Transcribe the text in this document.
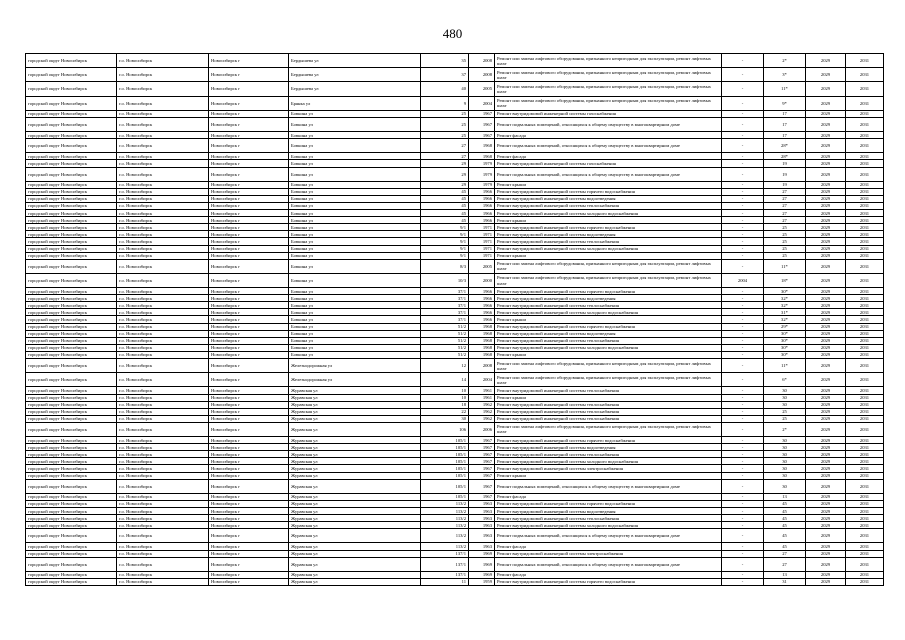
480
городской округ Новосибирск	г.о. Новосибирск	Новосибирск г	Бердышева ул	35	2008	Ремонт или замена лифтового оборудования, признанного непригодным для эксплуатации, ремонт лифтовых шахт	-	2*	2029	2031
городской округ Новосибирск	г.о. Новосибирск	Новосибирск г	Бердышева ул	37	2008	Ремонт или замена лифтового оборудования, признанного непригодным для эксплуатации, ремонт лифтовых шахт	-	3*	2029	2031
городской округ Новосибирск	г.о. Новосибирск	Новосибирск г	Бердышева ул	40	2005	Ремонт или замена лифтового оборудования, признанного непригодным для эксплуатации, ремонт лифтовых шахт	-	11*	2029	2031
городской округ Новосибирск	г.о. Новосибирск	Новосибирск г	Брянка ул	9	2004	Ремонт или замена лифтового оборудования, признанного непригодным для эксплуатации, ремонт лифтовых шахт	-	9*	2029	2031
городской округ Новосибирск	г.о. Новосибирск	Новосибирск г	Бовкина ул	25	1967	Ремонт внутридомовой инженерной системы газоснабжения	-	17	2029	2031
городской округ Новосибирск	г.о. Новосибирск	Новосибирск г	Бовкина ул	25	1967	Ремонт подвальных помещений, относящихся к общему имуществу в многоквартирном доме	-	17	2029	2031
городской округ Новосибирск	г.о. Новосибирск	Новосибирск г	Бовкина ул	25	1967	Ремонт фасада	-	17	2029	2031
городской округ Новосибирск	г.о. Новосибирск	Новосибирск г	Бовкина ул	27	1968	Ремонт подвальных помещений, относящихся к общему имуществу в многоквартирном доме	-	28*	2029	2031
городской округ Новосибирск	г.о. Новосибирск	Новосибирск г	Бовкина ул	27	1968	Ремонт фасада	-	28*	2029	2031
городской округ Новосибирск	г.о. Новосибирск	Новосибирск г	Бовкина ул	29	1979	Ремонт внутридомовой инженерной системы газоснабжения	-	19	2029	2031
городской округ Новосибирск	г.о. Новосибирск	Новосибирск г	Бовкина ул	29	1979	Ремонт подвальных помещений, относящихся к общему имуществу в многоквартирном доме	-	19	2029	2031
городской округ Новосибирск	г.о. Новосибирск	Новосибирск г	Бовкина ул	29	1979	Ремонт крыши	-	19	2029	2031
городской округ Новосибирск	г.о. Новосибирск	Новосибирск г	Бовкина ул	45	1966	Ремонт внутридомовой инженерной системы горячего водоснабжения	-	27	2029	2031
городской округ Новосибирск	г.о. Новосибирск	Новосибирск г	Бовкина ул	45	1966	Ремонт внутридомовой инженерной системы водоотведения	-	27	2029	2031
городской округ Новосибирск	г.о. Новосибирск	Новосибирск г	Бовкина ул	45	1966	Ремонт внутридомовой инженерной системы теплоснабжения	-	27	2029	2031
городской округ Новосибирск	г.о. Новосибирск	Новосибирск г	Бовкина ул	45	1966	Ремонт внутридомовой инженерной системы холодного водоснабжения	-	27	2029	2031
городской округ Новосибирск	г.о. Новосибирск	Новосибирск г	Бовкина ул	45	1966	Ремонт крыши	-	27	2029	2031
городской округ Новосибирск	г.о. Новосибирск	Новосибирск г	Бовкина ул	9/1	1971	Ремонт внутридомовой инженерной системы горячего водоснабжения	-	25	2029	2031
городской округ Новосибирск	г.о. Новосибирск	Новосибирск г	Бовкина ул	9/1	1971	Ремонт внутридомовой инженерной системы водоотведения	-	25	2029	2031
городской округ Новосибирск	г.о. Новосибирск	Новосибирск г	Бовкина ул	9/1	1971	Ремонт внутридомовой инженерной системы теплоснабжения	-	25	2029	2031
городской округ Новосибирск	г.о. Новосибирск	Новосибирск г	Бовкина ул	9/1	1971	Ремонт внутридомовой инженерной системы холодного водоснабжения	-	25	2029	2031
городской округ Новосибирск	г.о. Новосибирск	Новосибирск г	Бовкина ул	9/1	1971	Ремонт крыши	-	25	2029	2031
городской округ Новосибирск	г.о. Новосибирск	Новосибирск г	Бовкина ул	8/3	2005	Ремонт или замена лифтового оборудования, признанного непригодным для эксплуатации, ремонт лифтовых шахт	-	11*	2029	2031
городской округ Новосибирск	г.о. Новосибирск	Новосибирск г	Бовкина ул	10/3	2000	Ремонт или замена лифтового оборудования, признанного непригодным для эксплуатации, ремонт лифтовых шахт	2004	18*	2029	2031
городской округ Новосибирск	г.о. Новосибирск	Новосибирск г	Бовкина ул	37/1	1966	Ремонт внутридомовой инженерной системы горячего водоснабжения	-	30*	2029	2031
городской округ Новосибирск	г.о. Новосибирск	Новосибирск г	Бовкина ул	37/1	1966	Ремонт внутридомовой инженерной системы водоотведения	-	32*	2029	2031
городской округ Новосибирск	г.о. Новосибирск	Новосибирск г	Бовкина ул	37/1	1966	Ремонт внутридомовой инженерной системы теплоснабжения	-	32*	2029	2031
городской округ Новосибирск	г.о. Новосибирск	Новосибирск г	Бовкина ул	37/1	1966	Ремонт внутридомовой инженерной системы холодного водоснабжения	-	31*	2029	2031
городской округ Новосибирск	г.о. Новосибирск	Новосибирск г	Бовкина ул	37/1	1966	Ремонт крыши	-	32*	2029	2031
городской округ Новосибирск	г.о. Новосибирск	Новосибирск г	Бовкина ул	51/2	1968	Ремонт внутридомовой инженерной системы горячего водоснабжения	-	29*	2029	2031
городской округ Новосибирск	г.о. Новосибирск	Новосибирск г	Бовкина ул	51/2	1968	Ремонт внутридомовой инженерной системы водоотведения	-	30*	2029	2031
городской округ Новосибирск	г.о. Новосибирск	Новосибирск г	Бовкина ул	51/2	1968	Ремонт внутридомовой инженерной системы теплоснабжения	-	30*	2029	2031
городской округ Новосибирск	г.о. Новосибирск	Новосибирск г	Бовкина ул	51/2	1968	Ремонт внутридомовой инженерной системы холодного водоснабжения	-	30*	2029	2031
городской округ Новосибирск	г.о. Новосибирск	Новосибирск г	Бовкина ул	51/2	1968	Ремонт крыши	-	30*	2029	2031
городской округ Новосибирск	г.о. Новосибирск	Новосибирск г	Железнодорожная ул	12	2008	Ремонт или замена лифтового оборудования, признанного непригодным для эксплуатации, ремонт лифтовых шахт	-	11*	2029	2031
городской округ Новосибирск	г.о. Новосибирск	Новосибирск г	Железнодорожная ул	14	2004	Ремонт или замена лифтового оборудования, признанного непригодным для эксплуатации, ремонт лифтовых шахт	-	6*	2029	2031
городской округ Новосибирск	г.о. Новосибирск	Новосибирск г	Журавская ул	10	1961	Ремонт внутридомовой инженерной системы теплоснабжения	-	30	2029	2031
городской округ Новосибирск	г.о. Новосибирск	Новосибирск г	Журавская ул	10	1961	Ремонт крыши	-	30	2029	2031
городской округ Новосибирск	г.о. Новосибирск	Новосибирск г	Журавская ул	18	1962	Ремонт внутридомовой инженерной системы теплоснабжения	-	30	2029	2031
городской округ Новосибирск	г.о. Новосибирск	Новосибирск г	Журавская ул	22	1962	Ремонт внутридомовой инженерной системы теплоснабжения	-	25	2029	2031
городской округ Новосибирск	г.о. Новосибирск	Новосибирск г	Журавская ул	30	1962	Ремонт внутридомовой инженерной системы теплоснабжения	-	25	2029	2031
городской округ Новосибирск	г.о. Новосибирск	Новосибирск г	Журавская ул	106	2006	Ремонт или замена лифтового оборудования, признанного непригодным для эксплуатации, ремонт лифтовых шахт	-	2*	2029	2031
городской округ Новосибирск	г.о. Новосибирск	Новосибирск г	Журавская ул	105/1	1967	Ремонт внутридомовой инженерной системы горячего водоснабжения	-	30	2029	2031
городской округ Новосибирск	г.о. Новосибирск	Новосибирск г	Журавская ул	105/1	1967	Ремонт внутридомовой инженерной системы водоотведения	-	30	2029	2031
городской округ Новосибирск	г.о. Новосибирск	Новосибирск г	Журавская ул	105/1	1967	Ремонт внутридомовой инженерной системы теплоснабжения	-	30	2029	2031
городской округ Новосибирск	г.о. Новосибирск	Новосибирск г	Журавская ул	105/1	1967	Ремонт внутридомовой инженерной системы холодного водоснабжения	-	30	2029	2031
городской округ Новосибирск	г.о. Новосибирск	Новосибирск г	Журавская ул	105/1	1967	Ремонт внутридомовой инженерной системы электроснабжения	-	30	2029	2031
городской округ Новосибирск	г.о. Новосибирск	Новосибирск г	Журавская ул	105/1	1967	Ремонт крыши	-	30	2029	2031
городской округ Новосибирск	г.о. Новосибирск	Новосибирск г	Журавская ул	105/1	1967	Ремонт подвальных помещений, относящихся к общему имуществу в многоквартирном доме	-	30	2029	2031
городской округ Новосибирск	г.о. Новосибирск	Новосибирск г	Журавская ул	105/1	1967	Ремонт фасада	-	13	2029	2031
городской округ Новосибирск	г.о. Новосибирск	Новосибирск г	Журавская ул	113/2	1963	Ремонт внутридомовой инженерной системы горячего водоснабжения	-	45	2029	2031
городской округ Новосибирск	г.о. Новосибирск	Новосибирск г	Журавская ул	113/2	1963	Ремонт внутридомовой инженерной системы водоотведения	-	45	2029	2031
городской округ Новосибирск	г.о. Новосибирск	Новосибирск г	Журавская ул	113/2	1963	Ремонт внутридомовой инженерной системы теплоснабжения	-	45	2029	2031
городской округ Новосибирск	г.о. Новосибирск	Новосибирск г	Журавская ул	113/2	1963	Ремонт внутридомовой инженерной системы холодного водоснабжения	-	45	2029	2031
городской округ Новосибирск	г.о. Новосибирск	Новосибирск г	Журавская ул	113/2	1963	Ремонт подвальных помещений, относящихся к общему имуществу в многоквартирном доме	-	45	2029	2031
городской округ Новосибирск	г.о. Новосибирск	Новосибирск г	Журавская ул	113/2	1963	Ремонт фасада	-	45	2029	2031
городской округ Новосибирск	г.о. Новосибирск	Новосибирск г	Журавская ул	137/1	1969	Ремонт внутридомовой инженерной системы электроснабжения	-	27	2029	2031
городской округ Новосибирск	г.о. Новосибирск	Новосибирск г	Журавская ул	137/1	1969	Ремонт подвальных помещений, относящихся к общему имуществу в многоквартирном доме	-	27	2029	2031
городской округ Новосибирск	г.о. Новосибирск	Новосибирск г	Журавская ул	137/1	1969	Ремонт фасада	-	13	2029	2031
городской округ Новосибирск	г.о. Новосибирск	Новосибирск г	Журавская ул	11	1959	Ремонт внутридомовой инженерной системы горячего водоснабжения	-	31	2029	2031
